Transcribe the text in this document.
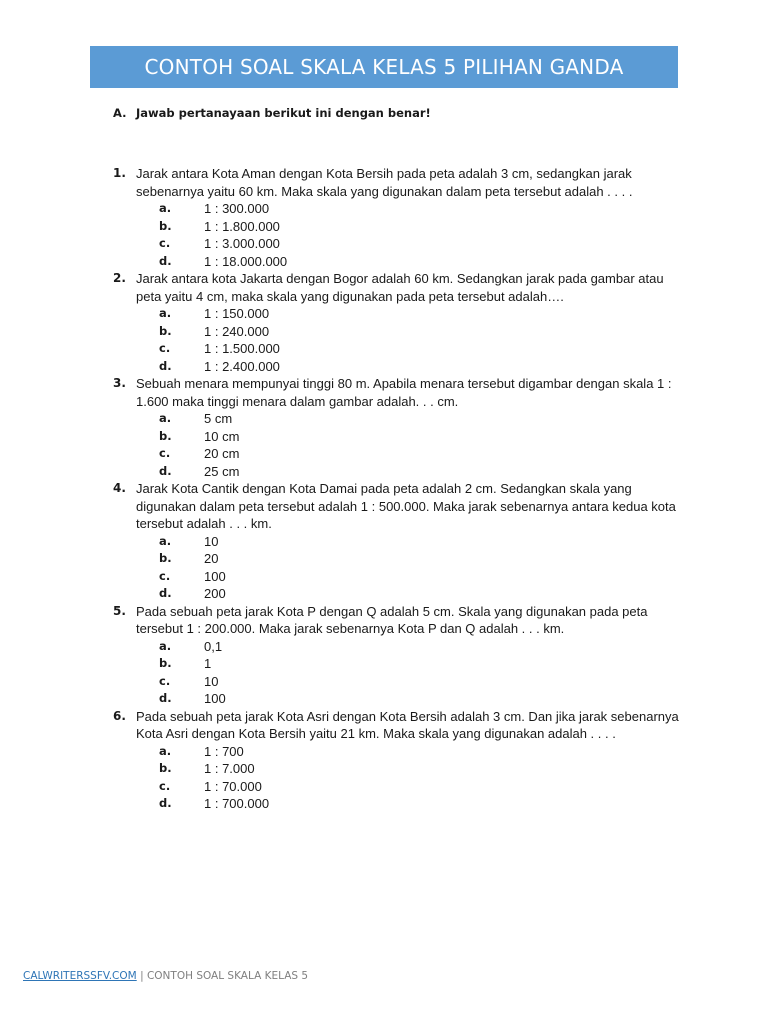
CONTOH SOAL SKALA KELAS 5 PILIHAN GANDA
A. Jawab pertanayaan berikut ini dengan benar!
1. Jarak antara Kota Aman dengan Kota Bersih pada peta adalah 3 cm, sedangkan jarak sebenarnya yaitu 60 km. Maka skala yang digunakan dalam peta tersebut adalah . . . .
a.	1 : 300.000
b. 1 : 1.800.000
c.	1 : 3.000.000
d. 1 : 18.000.000
2. Jarak antara kota Jakarta dengan Bogor adalah 60 km. Sedangkan jarak pada gambar atau peta yaitu 4 cm, maka skala yang digunakan pada peta tersebut adalah….
a.	1 : 150.000
b. 1 : 240.000
c.	1 : 1.500.000
d. 1 : 2.400.000
3. Sebuah menara mempunyai tinggi 80 m. Apabila menara tersebut digambar dengan skala 1 : 1.600 maka tinggi menara dalam gambar adalah. . . cm.
a.	5 cm
b. 10 cm
c.	20 cm
d. 25 cm
4. Jarak Kota Cantik dengan Kota Damai pada peta adalah 2 cm. Sedangkan skala yang digunakan dalam peta tersebut adalah 1 : 500.000. Maka jarak sebenarnya antara kedua kota tersebut adalah . . . km.
a.	10
b. 20
c.	100
d. 200
5. Pada sebuah peta jarak Kota P dengan Q adalah 5 cm. Skala yang digunakan pada peta tersebut 1 : 200.000. Maka jarak sebenarnya Kota P dan Q adalah . . . km.
a.	0,1
b. 1
c.	10
d. 100
6. Pada sebuah peta jarak Kota Asri dengan Kota Bersih adalah 3 cm. Dan jika jarak sebenarnya Kota Asri dengan Kota Bersih yaitu 21 km. Maka skala yang digunakan adalah . . . .
a.	1 : 700
b. 1 : 7.000
c.	1 : 70.000
d. 1 : 700.000
CALWRITERSSFV.COM | CONTOH SOAL SKALA KELAS 5
